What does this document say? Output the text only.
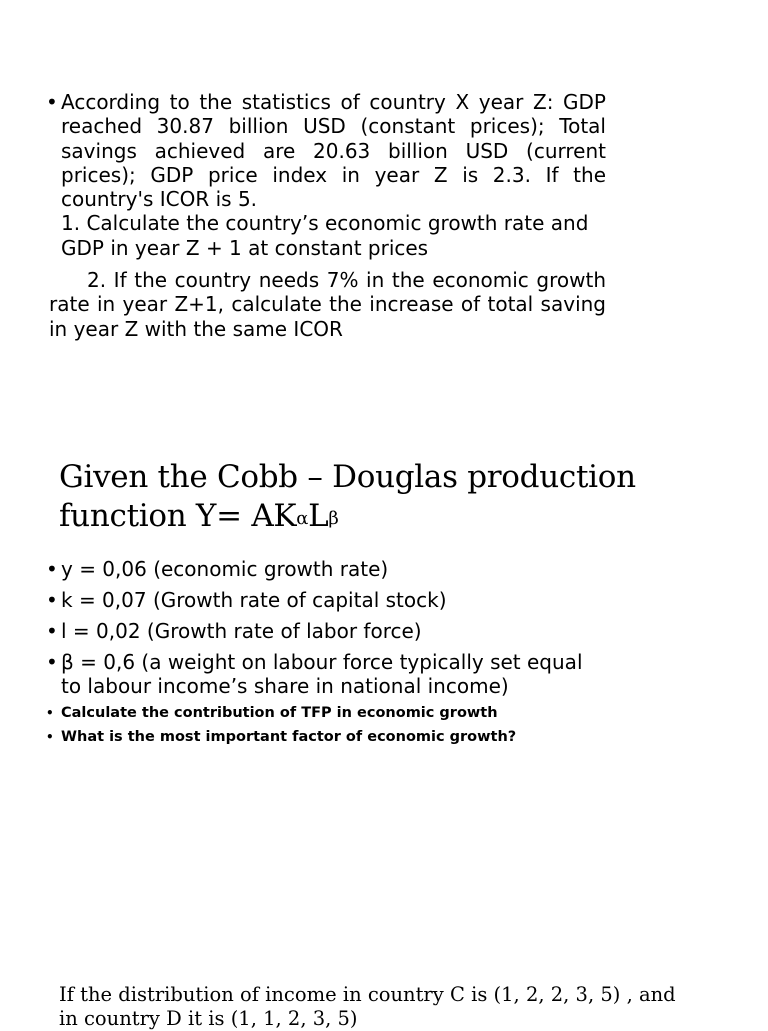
• According to the statistics of country X year Z: GDP reached 30.87 billion USD (constant prices); Total savings achieved are 20.63 billion USD (current prices); GDP price index in year Z is 2.3. If the country's ICOR is 5.
1. Calculate the country’s economic growth rate and GDP in year Z + 1 at constant prices
2. If the country needs 7% in the economic growth rate in year Z+1, calculate the increase of total saving in year Z with the same ICOR
Given the Cobb – Douglas production function $Y= AK^\alpha L^\beta$
• y = 0,06 (economic growth rate)
• k = 0,07 (Growth rate of capital stock)
• l = 0,02 (Growth rate of labor force)
• β = 0,6 (a weight on labour force typically set equal to labour income’s share in national income)
• Calculate the contribution of TFP in economic growth
• What is the most important factor of economic growth?
If the distribution of income in country C is (1, 2, 2, 3, 5) , and in country D it is (1, 1, 2, 3, 5)
